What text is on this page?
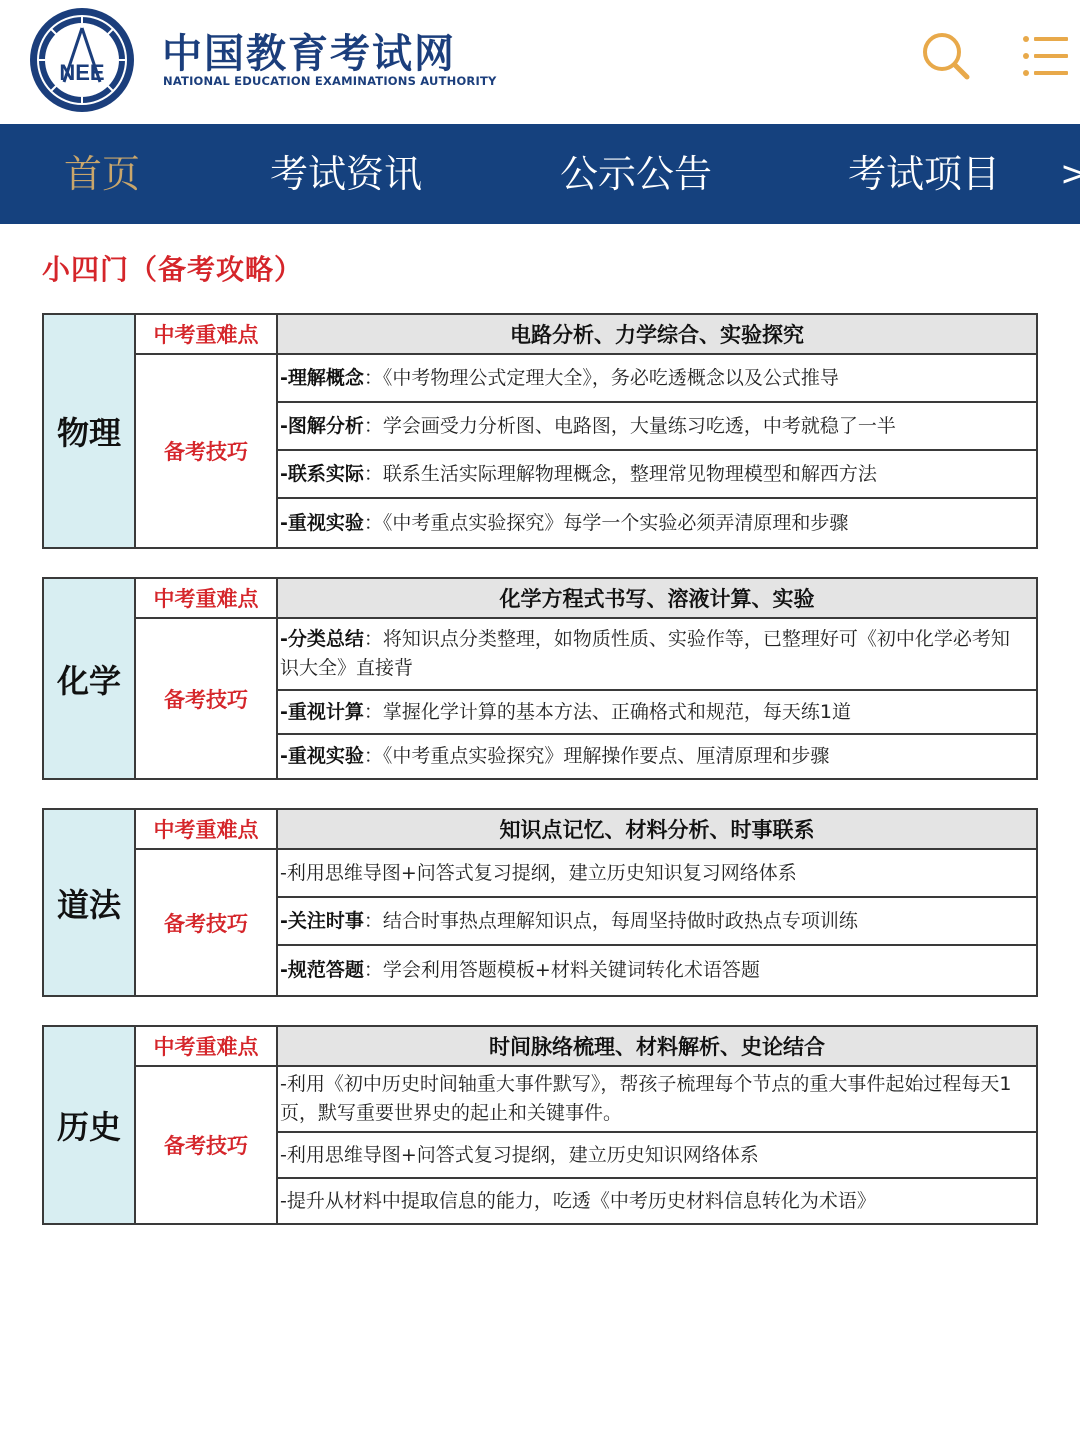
NEE 中国教育考试网
NATIONAL EDUCATION EXAMINATIONS AUTHORITY
首页	考试资讯	公示公告	考试项目 >
小四门（备考攻略）
物理
中考重难点	电路分析、力学综合、实验探究
备考技巧
-理解概念：《中考物理公式定理大全》，务必吃透概念以及公式推导
-图解分析：学会画受力分析图、电路图，大量练习吃透，中考就稳了一半
-联系实际：联系生活实际理解物理概念，整理常见物理模型和解西方法
-重视实验：《中考重点实验探究》每学一个实验必须弄清原理和步骤
化学
中考重难点	化学方程式书写、溶液计算、实验
备考技巧
-分类总结：将知识点分类整理，如物质性质、实验作等，已整理好可《初中化学必考知识大全》直接背
-重视计算：掌握化学计算的基本方法、正确格式和规范，每天练1道
-重视实验：《中考重点实验探究》理解操作要点、厘清原理和步骤
道法
中考重难点	知识点记忆、材料分析、时事联系
备考技巧
-利用思维导图+问答式复习提纲，建立历史知识复习网络体系
-关注时事：结合时事热点理解知识点，每周坚持做时政热点专项训练
-规范答题：学会利用答题模板+材料关键词转化术语答题
历史
中考重难点	时间脉络梳理、材料解析、史论结合
备考技巧
-利用《初中历史时间轴重大事件默写》，帮孩子梳理每个节点的重大事件起始过程每天1页，默写重要世界史的起止和关键事件。
-利用思维导图+问答式复习提纲，建立历史知识网络体系
-提升从材料中提取信息的能力，吃透《中考历史材料信息转化为术语》
